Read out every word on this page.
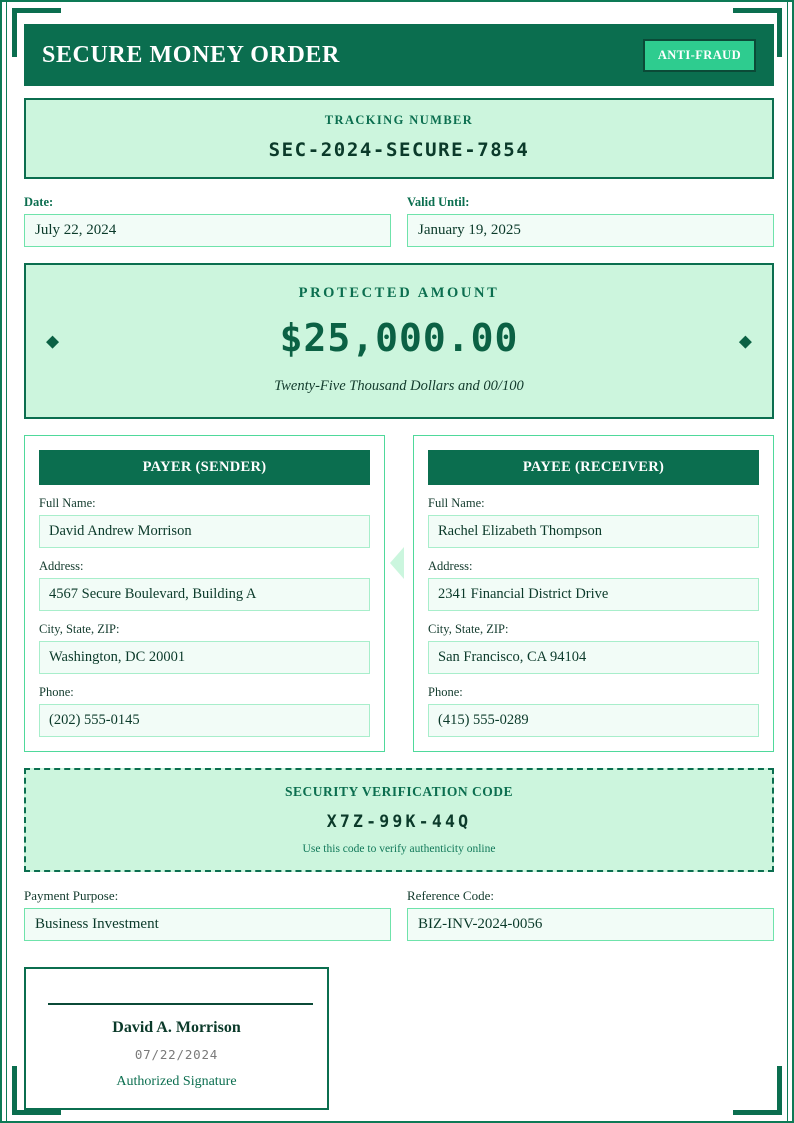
SECURE MONEY ORDER	ANTI-FRAUD
TRACKING NUMBER
SEC-2024-SECURE-7854
Date:
July 22, 2024
Valid Until:
January 19, 2025
◆	◆
PROTECTED AMOUNT
$25,000.00
Twenty-Five Thousand Dollars and 00/100
PAYER (SENDER)
Full Name:
David Andrew Morrison
Address:
4567 Secure Boulevard, Building A
City, State, ZIP:
Washington, DC 20001
Phone:
(202) 555-0145
PAYEE (RECEIVER)
Full Name:
Rachel Elizabeth Thompson
Address:
2341 Financial District Drive
City, State, ZIP:
San Francisco, CA 94104
Phone:
(415) 555-0289
SECURITY VERIFICATION CODE
X7Z-99K-44Q
Use this code to verify authenticity online
Payment Purpose:
Business Investment
Reference Code:
BIZ-INV-2024-0056
David A. Morrison
07/22/2024
Authorized Signature
